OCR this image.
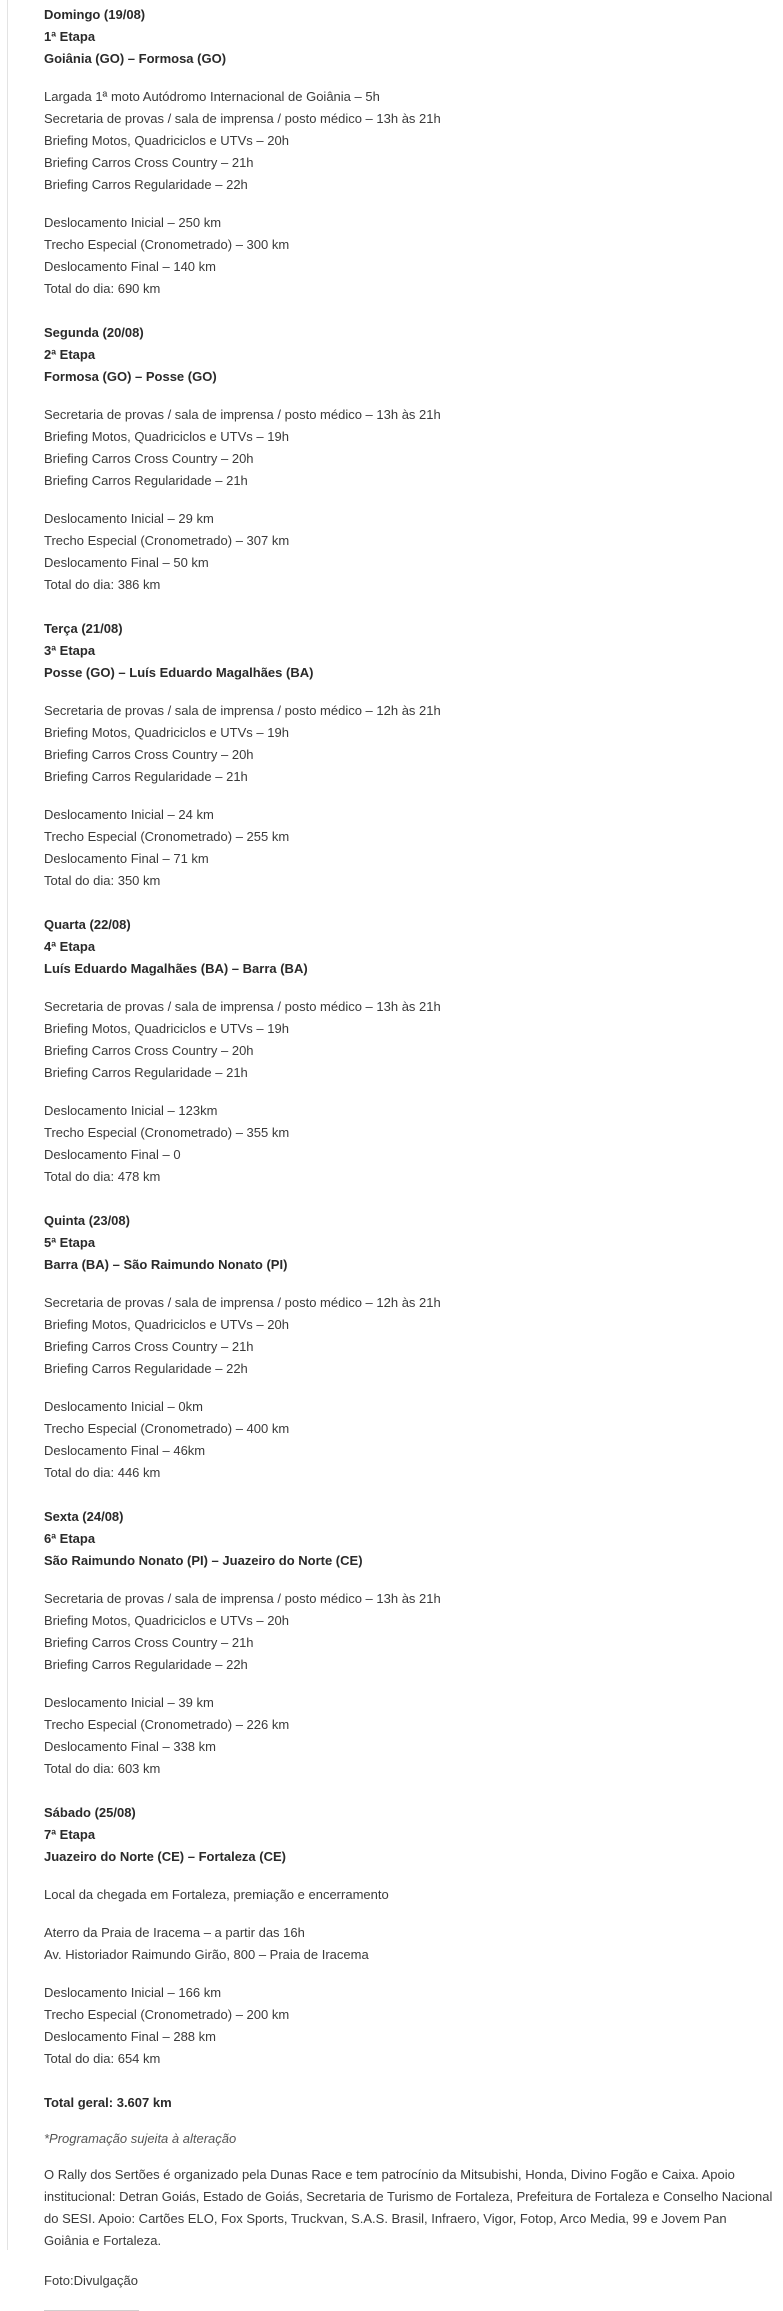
Domingo (19/08)
1ª Etapa
Goiânia (GO) – Formosa (GO)
Largada 1ª moto Autódromo Internacional de Goiânia – 5h
Secretaria de provas / sala de imprensa / posto médico – 13h às 21h
Briefing Motos, Quadriciclos e UTVs – 20h
Briefing Carros Cross Country – 21h
Briefing Carros Regularidade – 22h
Deslocamento Inicial – 250 km
Trecho Especial (Cronometrado) – 300 km
Deslocamento Final – 140 km
Total do dia: 690 km
Segunda (20/08)
2ª Etapa
Formosa (GO) – Posse (GO)
Secretaria de provas / sala de imprensa / posto médico – 13h às 21h
Briefing Motos, Quadriciclos e UTVs – 19h
Briefing Carros Cross Country – 20h
Briefing Carros Regularidade – 21h
Deslocamento Inicial – 29 km
Trecho Especial (Cronometrado) – 307 km
Deslocamento Final – 50 km
Total do dia: 386 km
Terça (21/08)
3ª Etapa
Posse (GO) – Luís Eduardo Magalhães (BA)
Secretaria de provas / sala de imprensa / posto médico – 12h às 21h
Briefing Motos, Quadriciclos e UTVs – 19h
Briefing Carros Cross Country – 20h
Briefing Carros Regularidade – 21h
Deslocamento Inicial – 24 km
Trecho Especial (Cronometrado) – 255 km
Deslocamento Final – 71 km
Total do dia: 350 km
Quarta (22/08)
4ª Etapa
Luís Eduardo Magalhães (BA) – Barra (BA)
Secretaria de provas / sala de imprensa / posto médico – 13h às 21h
Briefing Motos, Quadriciclos e UTVs – 19h
Briefing Carros Cross Country – 20h
Briefing Carros Regularidade – 21h
Deslocamento Inicial – 123km
Trecho Especial (Cronometrado) – 355 km
Deslocamento Final – 0
Total do dia: 478 km
Quinta (23/08)
5ª Etapa
Barra (BA) – São Raimundo Nonato (PI)
Secretaria de provas / sala de imprensa / posto médico – 12h às 21h
Briefing Motos, Quadriciclos e UTVs – 20h
Briefing Carros Cross Country – 21h
Briefing Carros Regularidade – 22h
Deslocamento Inicial – 0km
Trecho Especial (Cronometrado) – 400 km
Deslocamento Final – 46km
Total do dia: 446 km
Sexta (24/08)
6ª Etapa
São Raimundo Nonato (PI) – Juazeiro do Norte (CE)
Secretaria de provas / sala de imprensa / posto médico – 13h às 21h
Briefing Motos, Quadriciclos e UTVs – 20h
Briefing Carros Cross Country – 21h
Briefing Carros Regularidade – 22h
Deslocamento Inicial – 39 km
Trecho Especial (Cronometrado) – 226 km
Deslocamento Final – 338 km
Total do dia: 603 km
Sábado (25/08)
7ª Etapa
Juazeiro do Norte (CE) – Fortaleza (CE)
Local da chegada em Fortaleza, premiação e encerramento
Aterro da Praia de Iracema – a partir das 16h
Av. Historiador Raimundo Girão, 800 – Praia de Iracema
Deslocamento Inicial – 166 km
Trecho Especial (Cronometrado) – 200 km
Deslocamento Final – 288 km
Total do dia: 654 km

Total geral: 3.607 km

*Programação sujeita à alteração

O Rally dos Sertões é organizado pela Dunas Race e tem patrocínio da Mitsubishi, Honda, Divino Fogão e Caixa. Apoio institucional: Detran Goiás, Estado de Goiás, Secretaria de Turismo de Fortaleza, Prefeitura de Fortaleza e Conselho Nacional do SESI. Apoio: Cartões ELO, Fox Sports, Truckvan, S.A.S. Brasil, Infraero, Vigor, Fotop, Arco Media, 99 e Jovem Pan Goiânia e Fortaleza.
Foto:Divulgação
